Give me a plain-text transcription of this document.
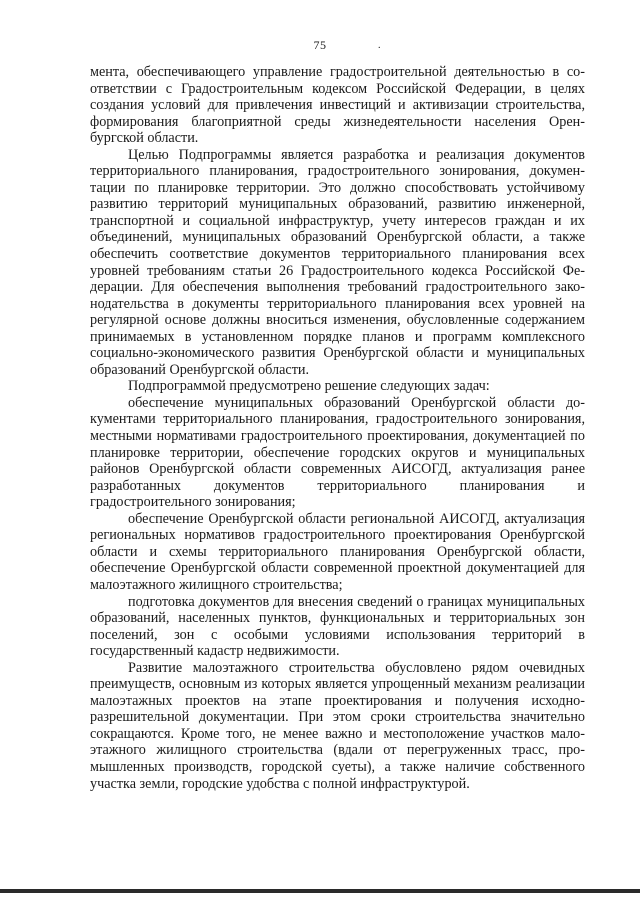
75	.

мента, обеспечивающего управление градостроительной деятельностью в соответствии с Градостроительным кодексом Российской Федерации, в целях создания условий для привлечения инвестиций и активизации строительства, формирования благоприятной среды жизнедеятельности населения Оренбургской области.

Целью Подпрограммы является разработка и реализация документов территориального планирования, градостроительного зонирования, документации по планировке территории. Это должно способствовать устойчивому развитию территорий муниципальных образований, развитию инженерной, транспортной и социальной инфраструктур, учету интересов граждан и их объединений, муниципальных образований Оренбургской области, а также обеспечить соответствие документов территориального планирования всех уровней требованиям статьи 26 Градостроительного кодекса Российской Федерации. Для обеспечения выполнения требований градостроительного законодательства в документы территориального планирования всех уровней на регулярной основе должны вноситься изменения, обусловленные содержанием принимаемых в установленном порядке планов и программ комплексного социально-экономического развития Оренбургской области и муниципальных образований Оренбургской области.

Подпрограммой предусмотрено решение следующих задач:

обеспечение муниципальных образований Оренбургской области документами территориального планирования, градостроительного зонирования, местными нормативами градостроительного проектирования, документацией по планировке территории, обеспечение городских округов и муниципальных районов Оренбургской области современных АИСОГД, актуализация ранее разработанных документов территориального планирования и градостроительного зонирования;

обеспечение Оренбургской области региональной АИСОГД, актуализация региональных нормативов градостроительного проектирования Оренбургской области и схемы территориального планирования Оренбургской области, обеспечение Оренбургской области современной проектной документацией для малоэтажного жилищного строительства;

подготовка документов для внесения сведений о границах муниципальных образований, населенных пунктов, функциональных и территориальных зон поселений, зон с особыми условиями использования территорий в государственный кадастр недвижимости.

Развитие малоэтажного строительства обусловлено рядом очевидных преимуществ, основным из которых является упрощенный механизм реализации малоэтажных проектов на этапе проектирования и получения исходно-разрешительной документации. При этом сроки строительства значительно сокращаются. Кроме того, не менее важно и местоположение участков малоэтажного жилищного строительства (вдали от перегруженных трасс, промышленных производств, городской суеты), а также наличие собственного участка земли, городские удобства с полной инфраструктурой.
